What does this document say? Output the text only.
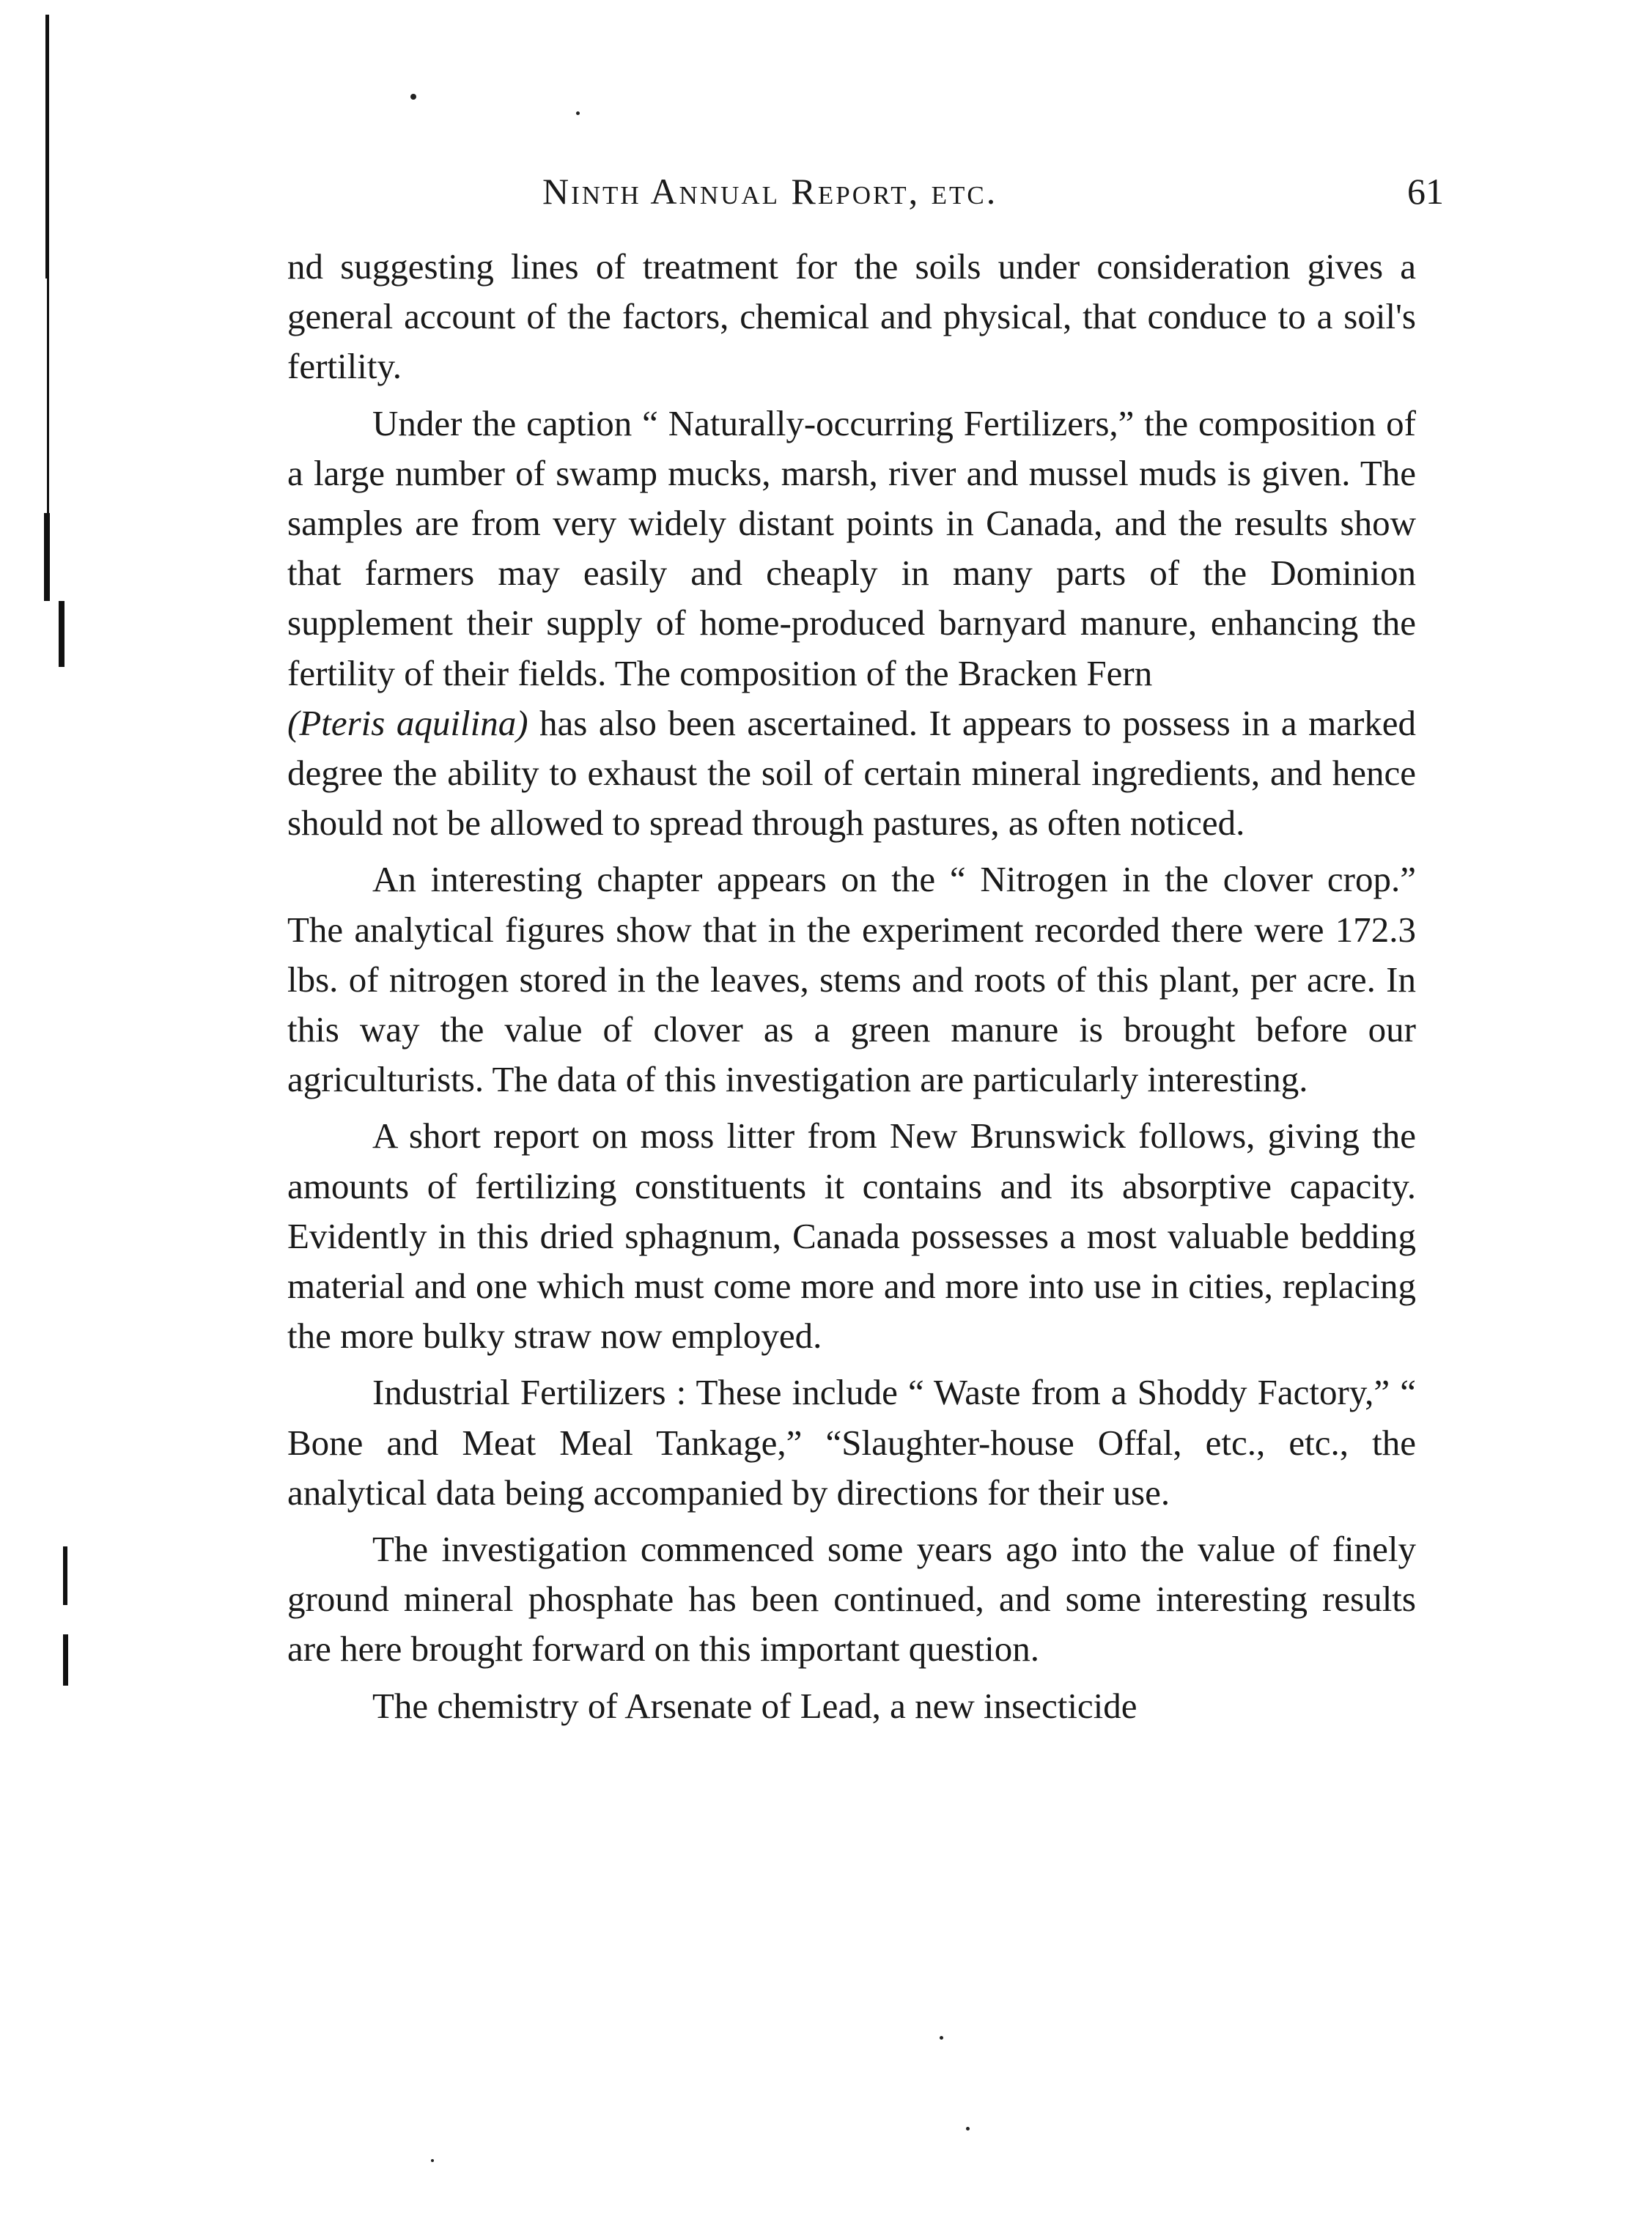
Ninth Annual Report, etc.	61

nd suggesting lines of treatment for the soils under consideration gives a general account of the factors, chemical and physical, that conduce to a soil's fertility.

Under the caption “ Naturally-occurring Fertilizers,” the composition of a large number of swamp mucks, marsh, river and mussel muds is given. The samples are from very widely distant points in Canada, and the results show that farmers may easily and cheaply in many parts of the Dominion supplement their supply of home-produced barnyard manure, enhancing the fertility of their fields. The composition of the Bracken Fern
(Pteris aquilina) has also been ascertained. It appears to possess in a marked degree the ability to exhaust the soil of certain mineral ingredients, and hence should not be allowed to spread through pastures, as often noticed.

An interesting chapter appears on the “ Nitrogen in the clover crop.” The analytical figures show that in the experiment recorded there were 172.3 lbs. of nitrogen stored in the leaves, stems and roots of this plant, per acre. In this way the value of clover as a green manure is brought before our agriculturists. The data of this investigation are particularly interesting.

A short report on moss litter from New Brunswick follows, giving the amounts of fertilizing constituents it contains and its absorptive capacity. Evidently in this dried sphagnum, Canada possesses a most valuable bedding material and one which must come more and more into use in cities, replacing the more bulky straw now employed.

Industrial Fertilizers : These include “ Waste from a Shoddy Factory,” “ Bone and Meat Meal Tankage,” “Slaughter-house Offal, etc., etc., the analytical data being accompanied by directions for their use.

The investigation commenced some years ago into the value of finely ground mineral phosphate has been continued, and some interesting results are here brought forward on this important question.

The chemistry of Arsenate of Lead, a new insecticide
